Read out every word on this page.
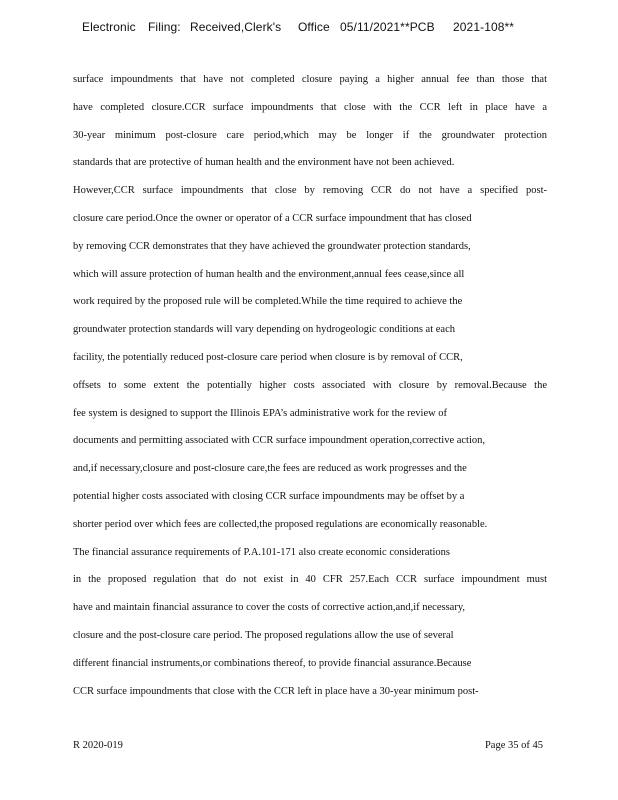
Electronic Filing: Received,Clerk's Office 05/11/2021**PCB 2021-108**
surface impoundments that have not completed closure paying a higher annual fee than those that
have completed closure.CCR surface impoundments that close with the CCR left in place have a
30-year minimum post-closure care period,which may be longer if the groundwater protection
standards that are protective of human health and the environment have not been achieved.
However,CCR surface impoundments that close by removing CCR do not have a specified post-
closure care period.Once the owner or operator of a CCR surface impoundment that has closed
by removing CCR demonstrates that they have achieved the groundwater protection standards,
which will assure protection of human health and the environment,annual fees cease,since all
work required by the proposed rule will be completed.While the time required to achieve the
groundwater protection standards will vary depending on hydrogeologic conditions at each
facility, the potentially reduced post-closure care period when closure is by removal of CCR,
offsets to some extent the potentially higher costs associated with closure by removal.Because the
fee system is designed to support the Illinois EPA’s administrative work for the review of
documents and permitting associated with CCR surface impoundment operation,corrective action,
and,if necessary,closure and post-closure care,the fees are reduced as work progresses and the
potential higher costs associated with closing CCR surface impoundments may be offset by a
shorter period over which fees are collected,the proposed regulations are economically reasonable.
The financial assurance requirements of P.A.101-171 also create economic considerations
in the proposed regulation that do not exist in 40 CFR 257.Each CCR surface impoundment must
have and maintain financial assurance to cover the costs of corrective action,and,if necessary,
closure and the post-closure care period. The proposed regulations allow the use of several
different financial instruments,or combinations thereof, to provide financial assurance.Because
CCR surface impoundments that close with the CCR left in place have a 30-year minimum post-
R 2020-019	Page 35 of 45
